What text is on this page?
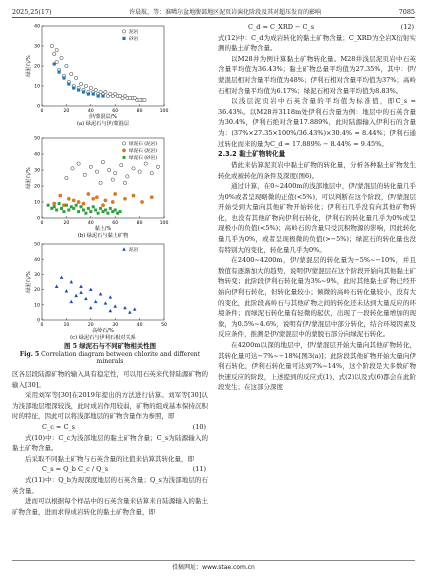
2025,25(17)	许晨航，等：准噶尔盆地腹部地区泥页岩演化阶段及其对超压发育的影响	7085
0	20	40	60	80	100
0
10
20
30
40
伊/蒙混层/%
绿泥石/%
(a) 绿泥石与伊/蒙混层
泥岩
砂岩
0	20	40	60	80	100
0
10
20
30
40
50
黏土/%
绿泥石/%
(b) 绿泥石与黏土矿物
绿泥石 (泥岩)
绿泥石 (泥岩)
绿泥石 (砂岩)
0	10	20	30	40	50
0
10
20
30
40
50
高岭石/%
绿泥石/%
(c) 绿泥石与伊利石相对关系
泥岩
图 5 绿泥石与不同矿物相关性图
Fig. 5 Correlation diagram between chlorite and different minerals

区各层段陆源矿物的输入具有稳定性，可以用石英来代替陆源矿物的输入[30]。

采用刘军等[30]在2019年提出的方法进行估算。刘军等[30]认为浅部地层埋深较浅，此时成岩作用较弱，矿物的组成基本保持沉积时的特征，因此可以将浅部地层的矿物含量作为参照，即

C_c = C_s	(10)

式(10)中：C_c为浅部地层的黏土矿物含量；C_s为陆源输入的黏土矿物含量。

后采取不同黏土矿物与石英含量的比值来估算其转化量，即

C_s = Q_b C_c / Q_s	(11)

式(11)中：Q_b为现深度地层的石英含量；Q_s为浅部地层的石英含量。

进而可以根据每个样品中的石英含量来估算来自陆源输入的黏土矿物含量，进而求得成岩转化的黏土矿物含量，即

C_d = C_XRD − C_s	(12)

式(12)中：C_d为成岩转化的黏土矿物含量；C_XRD为全岩X衍射实测的黏土矿物含量。

以M28井为例计算黏土矿物转化量。M28井浅层泥页岩中石英含量平均值为36.43%；黏土矿物总量平均值为27.35%，其中：伊/蒙混层相对含量平均值为48%；伊利石相对含量平均值为37%；高岭石相对含量平均值为6.17%；绿泥石相对含量平均值为8.83%。

以浅层泥页岩中石英含量的平均值为标准值，即C_s = 36.43%。以M28井3118m处伊利石含量为例：地层中的石英含量为30.4%，伊利石绝对含量17.889%，此时陆源输入伊利石的含量为：(37%×27.35×100%/36.43%)×30.4% = 8.44%；伊利石通过转化而来的量为C_d = 17.889% − 8.44% = 9.45%。

2.3.2 黏土矿物转化量

借此来估算泥页岩中黏土矿物的转化量，分析各种黏土矿物发生转化或被转化的条件及深度(图6)。

通过计算，在0~2400m的浅部地层中，伊/蒙混层的转化量几乎为0%或者呈现略微的正值(<5%)，可以判断在这个阶段，伊/蒙混层开始受到大量向其他矿物开始转化；伊利石几乎没有向其他矿物转化，也没有其他矿物向伊利石转化，伊利石的转化量几乎为0%或呈现极小的负值(<5%)；高岭石的含量只受沉积物源的影响，因此转化量几乎为0%，或者呈现极微的负值(>−5%)；绿泥石的转化量也没有特别大的变化，转化量几乎为0%。

在2400~4200m，伊/蒙混层的转化量为−5%~−10%，并且数值有逐渐加大的趋势，说明伊/蒙混层在这个阶段开始向其他黏土矿物转变；此阶段伊利石转化量为3%~9%，此时其他黏土矿物已经开始向伊利石转化，但转化量较小；倾微的高岭石转化量较小，没有大的变化，此阶段高岭石与其他矿物之间的转化还未达到大量反应的环境条件；而绿泥石转化量有轻微的起伏，出现了一段转化量增加的现象，为0.5%~4.6%，说明有伊/蒙混层中部分转化，结合环境因素及反应条件，推测是伊/蒙混层中的蒙脱石部分向绿泥石转化。

在4200m以深的地层中，伊/蒙混层开始大量向其他矿物转化，其转化量可达−7%~−18%[图3(a)]；此阶段其他矿物开始大量向伊利石转化，伊利石转化量可达到7%~14%，这个阶段是大多数矿物快速反应的阶段，上述提到的反应式(1)、式(2)以及式(6)都会在此阶段发生；在这部分深度

投稿网址：www.stae.com.cn
